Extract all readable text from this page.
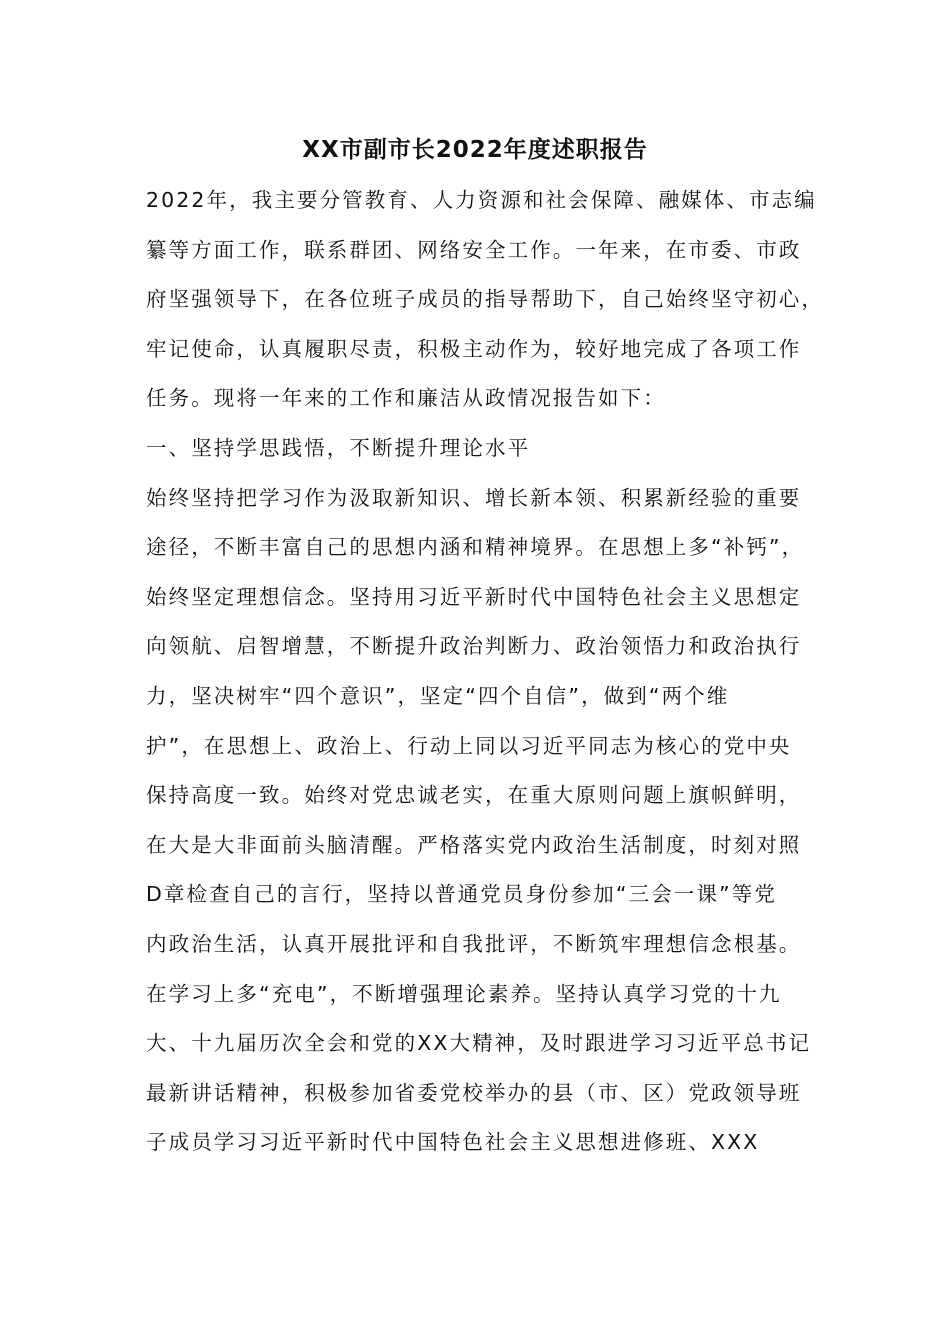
XX市副市长2022年度述职报告
2022年，我主要分管教育、人力资源和社会保障、融媒体、市志编
纂等方面工作，联系群团、网络安全工作。一年来，在市委、市政
府坚强领导下，在各位班子成员的指导帮助下，自己始终坚守初心，
牢记使命，认真履职尽责，积极主动作为，较好地完成了各项工作
任务。现将一年来的工作和廉洁从政情况报告如下：
一、坚持学思践悟，不断提升理论水平
始终坚持把学习作为汲取新知识、增长新本领、积累新经验的重要
途径，不断丰富自己的思想内涵和精神境界。在思想上多“补钙”，
始终坚定理想信念。坚持用习近平新时代中国特色社会主义思想定
向领航、启智增慧，不断提升政治判断力、政治领悟力和政治执行
力，坚决树牢“四个意识”，坚定“四个自信”，做到“两个维
护”，在思想上、政治上、行动上同以习近平同志为核心的党中央
保持高度一致。始终对党忠诚老实，在重大原则问题上旗帜鲜明，
在大是大非面前头脑清醒。严格落实党内政治生活制度，时刻对照
D章检查自己的言行，坚持以普通党员身份参加“三会一课”等党
内政治生活，认真开展批评和自我批评，不断筑牢理想信念根基。
在学习上多“充电”，不断增强理论素养。坚持认真学习党的十九
大、十九届历次全会和党的XX大精神，及时跟进学习习近平总书记
最新讲话精神，积极参加省委党校举办的县（市、区）党政领导班
子成员学习习近平新时代中国特色社会主义思想进修班、XXX
